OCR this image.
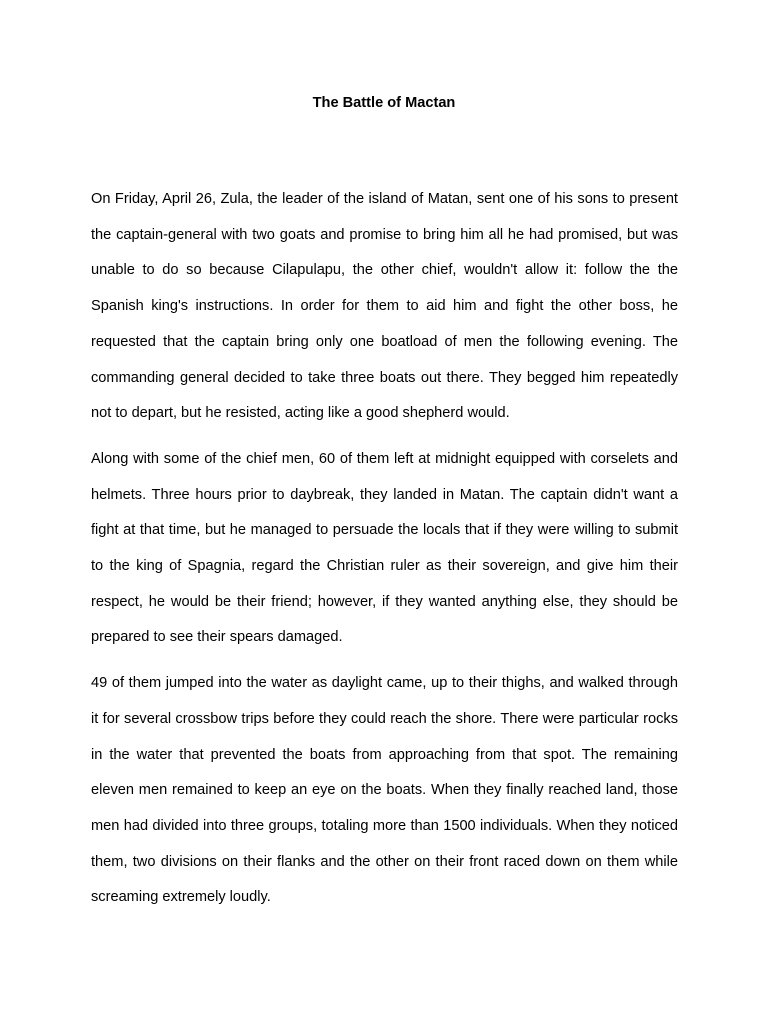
The Battle of Mactan

On Friday, April 26, Zula, the leader of the island of Matan, sent one of his sons to present the captain-general with two goats and promise to bring him all he had promised, but was unable to do so because Cilapulapu, the other chief, wouldn't allow it: follow the the Spanish king's instructions. In order for them to aid him and fight the other boss, he requested that the captain bring only one boatload of men the following evening. The commanding general decided to take three boats out there. They begged him repeatedly not to depart, but he resisted, acting like a good shepherd would.

Along with some of the chief men, 60 of them left at midnight equipped with corselets and helmets. Three hours prior to daybreak, they landed in Matan. The captain didn't want a fight at that time, but he managed to persuade the locals that if they were willing to submit to the king of Spagnia, regard the Christian ruler as their sovereign, and give him their respect, he would be their friend; however, if they wanted anything else, they should be prepared to see their spears damaged.

49 of them jumped into the water as daylight came, up to their thighs, and walked through it for several crossbow trips before they could reach the shore. There were particular rocks in the water that prevented the boats from approaching from that spot. The remaining eleven men remained to keep an eye on the boats. When they finally reached land, those men had divided into three groups, totaling more than 1500 individuals. When they noticed them, two divisions on their flanks and the other on their front raced down on them while screaming extremely loudly.
